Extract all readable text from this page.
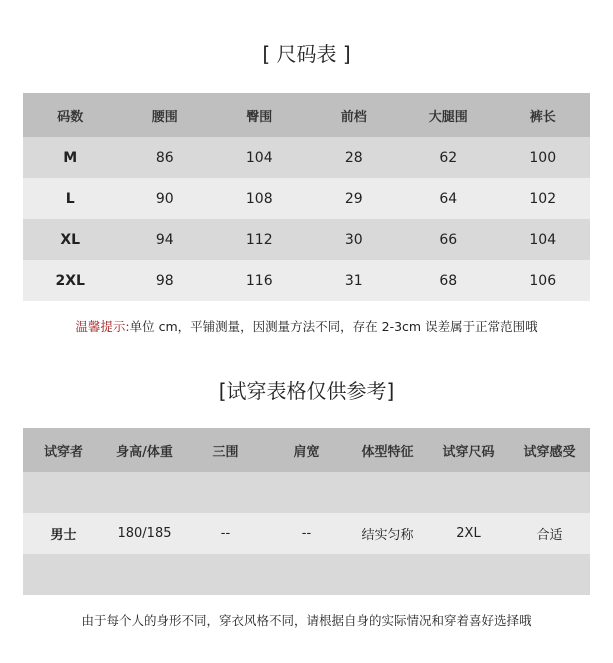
[ 尺码表 ]
码数	腰围	臀围	前档	大腿围	裤长
M	86	104	28	62	100
L	90	108	29	64	102
XL	94	112	30	66	104
2XL	98	116	31	68	106
温馨提示:单位 cm，平铺测量，因测量方法不同，存在 2-3cm 误差属于正常范围哦
[试穿表格仅供参考]
试穿者	身高/体重	三围	肩宽	体型特征	试穿尺码	试穿感受

男士	180/185	--	--	结实匀称	2XL	合适

由于每个人的身形不同，穿衣风格不同，请根据自身的实际情况和穿着喜好选择哦
